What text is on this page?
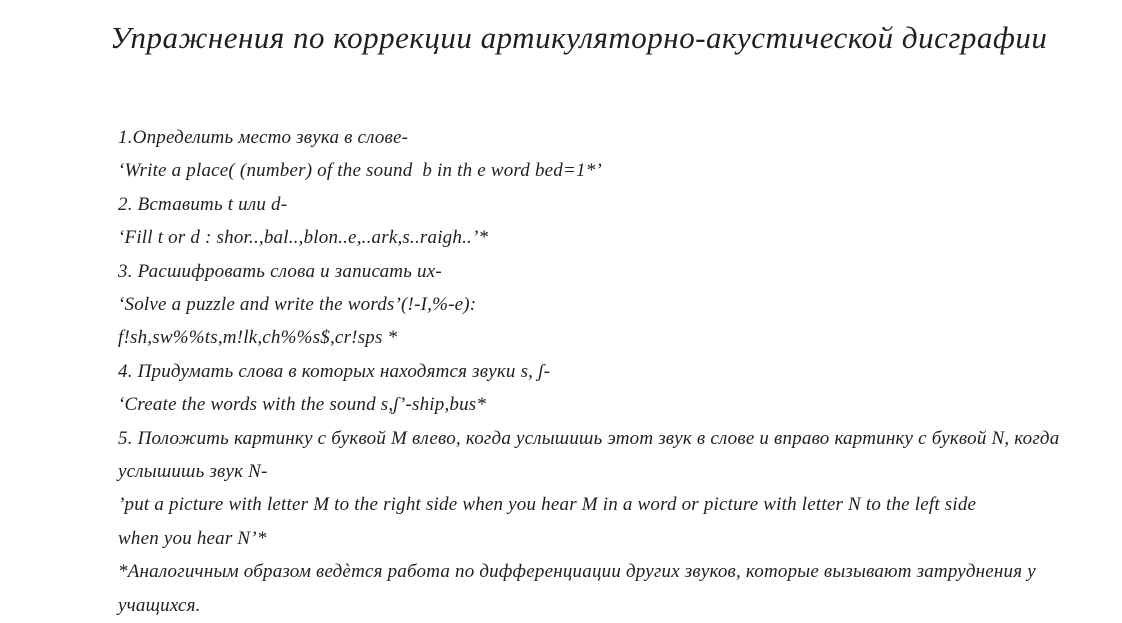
Упражнения по коррекции артикуляторно-акустической дисграфии
1.Определить место звука в слове-
‘Write a place( (number) of the sound  b in th e word bed=1*’
2. Вставить t или d-
‘Fill t or d : shor..,bal..,blon..e,..ark,s..raigh..’*
3. Расшифровать слова и записать их-
‘Solve a puzzle and write the words’(!-I,%-e):
f!sh,sw%%ts,m!lk,ch%%s$,cr!sps *
4. Придумать слова в которых находятся звуки s, ʃ-
‘Create the words with the sound s,ʃ’-ship,bus*
5. Положить картинку с буквой M влево, когда услышишь этот звук в слове и вправо картинку с буквой N, когда
услышишь звук N-
’put a picture with letter M to the right side when you hear M in a word or picture with letter N to the left side
when you hear N’*
*Аналогичным образом ведѐтся работа по дифференциации других звуков, которые вызывают затруднения у
учащихся.
